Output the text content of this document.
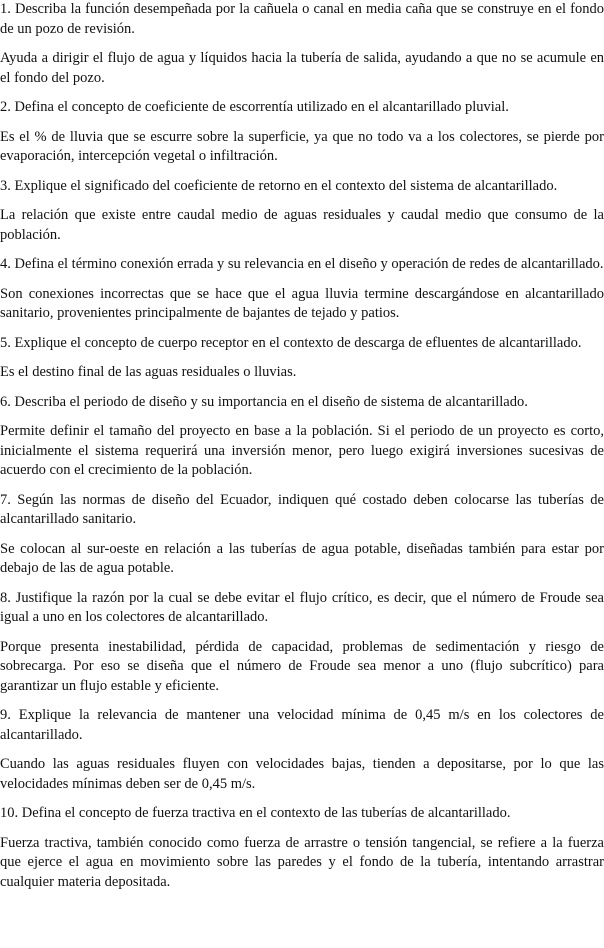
1. Describa la función desempeñada por la cañuela o canal en media caña que se construye en el fondo de un pozo de revisión.

Ayuda a dirigir el flujo de agua y líquidos hacia la tubería de salida, ayudando a que no se acumule en el fondo del pozo.

2. Defina el concepto de coeficiente de escorrentía utilizado en el alcantarillado pluvial.

Es el % de lluvia que se escurre sobre la superficie, ya que no todo va a los colectores, se pierde por evaporación, intercepción vegetal o infiltración.

3. Explique el significado del coeficiente de retorno en el contexto del sistema de alcantarillado.

La relación que existe entre caudal medio de aguas residuales y caudal medio que consumo de la población.

4. Defina el término conexión errada y su relevancia en el diseño y operación de redes de alcantarillado.

Son conexiones incorrectas que se hace que el agua lluvia termine descargándose en alcantarillado sanitario, provenientes principalmente de bajantes de tejado y patios.

5. Explique el concepto de cuerpo receptor en el contexto de descarga de efluentes de alcantarillado.

Es el destino final de las aguas residuales o lluvias.

6. Describa el periodo de diseño y su importancia en el diseño de sistema de alcantarillado.

Permite definir el tamaño del proyecto en base a la población. Si el periodo de un proyecto es corto, inicialmente el sistema requerirá una inversión menor, pero luego exigirá inversiones sucesivas de acuerdo con el crecimiento de la población.

7. Según las normas de diseño del Ecuador, indiquen qué costado deben colocarse las tuberías de alcantarillado sanitario.

Se colocan al sur-oeste en relación a las tuberías de agua potable, diseñadas también para estar por debajo de las de agua potable.

8. Justifique la razón por la cual se debe evitar el flujo crítico, es decir, que el número de Froude sea igual a uno en los colectores de alcantarillado.

Porque presenta inestabilidad, pérdida de capacidad, problemas de sedimentación y riesgo de sobrecarga. Por eso se diseña que el número de Froude sea menor a uno (flujo subcrítico) para garantizar un flujo estable y eficiente.

9. Explique la relevancia de mantener una velocidad mínima de 0,45 m/s en los colectores de alcantarillado.

Cuando las aguas residuales fluyen con velocidades bajas, tienden a depositarse, por lo que las velocidades mínimas deben ser de 0,45 m/s.

10. Defina el concepto de fuerza tractiva en el contexto de las tuberías de alcantarillado.

Fuerza tractiva, también conocido como fuerza de arrastre o tensión tangencial, se refiere a la fuerza que ejerce el agua en movimiento sobre las paredes y el fondo de la tubería, intentando arrastrar cualquier materia depositada.
